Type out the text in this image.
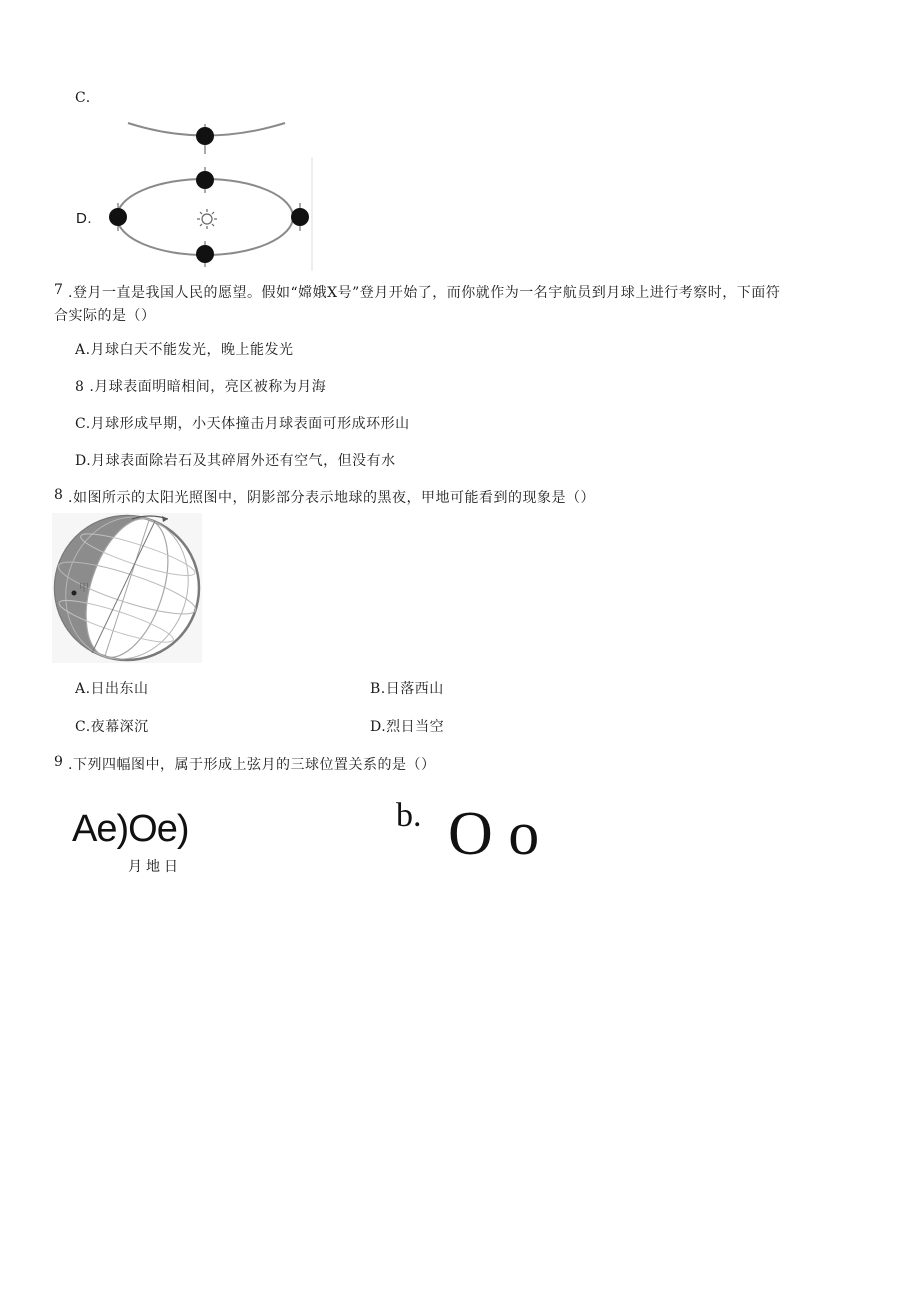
C.
D.
7 .登月一直是我国人民的愿望。假如“嫦娥X号”登月开始了，而你就作为一名宇航员到月球上进行考察时，下面符
合实际的是（）
A.月球白天不能发光，晚上能发光
8 .月球表面明暗相间，亮区被称为月海
C.月球形成早期，小天体撞击月球表面可形成环形山
D.月球表面除岩石及其碎屑外还有空气，但没有水
8 .如图所示的太阳光照图中，阴影部分表示地球的黑夜，甲地可能看到的现象是（）
甲
A.日出东山	B.日落西山
C.夜幕深沉	D.烈日当空
9 .下列四幅图中，属于形成上弦月的三球位置关系的是（）
Ae)Oe)
月地日
b. O o
